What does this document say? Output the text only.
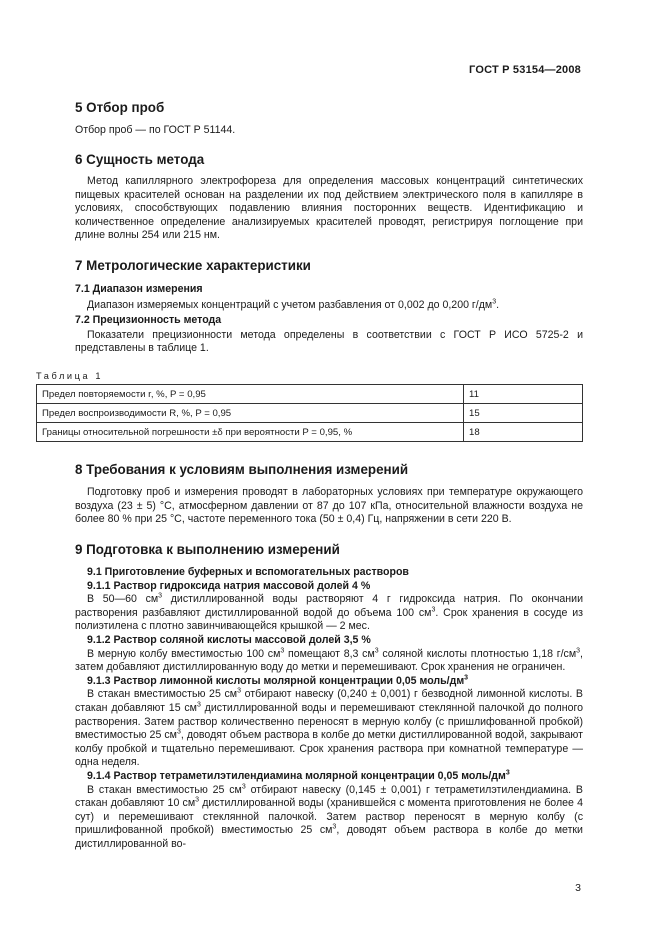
ГОСТ Р 53154—2008
5 Отбор проб

Отбор проб — по ГОСТ Р 51144.

6 Сущность метода

Метод капиллярного электрофореза для определения массовых концентраций синтетических пищевых красителей основан на разделении их под действием электрического поля в капилляре в условиях, способствующих подавлению влияния посторонних веществ. Идентификацию и количественное определение анализируемых красителей проводят, регистрируя поглощение при длине волны 254 или 215 нм.

7 Метрологические характеристики

7.1 Диапазон измерения

Диапазон измеряемых концентраций с учетом разбавления от 0,002 до 0,200 $г/дм^3$.

7.2 Прецизионность метода

Показатели прецизионности метода определены в соответствии с ГОСТ Р ИСО 5725-2 и представлены в таблице 1.

Таблица 1
Предел повторяемости r, %, P = 0,95	11
Предел воспроизводимости R, %, P = 0,95	15
Границы относительной погрешности ±δ при вероятности P = 0,95, %	18
8 Требования к условиям выполнения измерений

Подготовку проб и измерения проводят в лабораторных условиях при температуре окружающего воздуха (23 ± 5) °С, атмосферном давлении от 87 до 107 кПа, относительной влажности воздуха не более 80 % при 25 °С, частоте переменного тока (50 ± 0,4) Гц, напряжении в сети 220 В.

9 Подготовка к выполнению измерений

9.1 Приготовление буферных и вспомогательных растворов

9.1.1 Раствор гидроксида натрия массовой долей 4 %

В 50—60 $см^3$ дистиллированной воды растворяют 4 г гидроксида натрия. По окончании растворения разбавляют дистиллированной водой до объема 100 $см^3$. Срок хранения в сосуде из полиэтилена с плотно завинчивающейся крышкой — 2 мес.

9.1.2 Раствор соляной кислоты массовой долей 3,5 %

В мерную колбу вместимостью 100 $см^3$ помещают 8,3 $см^3$ соляной кислоты плотностью 1,18 $г/см^3$, затем добавляют дистиллированную воду до метки и перемешивают. Срок хранения не ограничен.

9.1.3 Раствор лимонной кислоты молярной концентрации 0,05 моль/$дм^3$

В стакан вместимостью 25 $см^3$ отбирают навеску (0,240 ± 0,001) г безводной лимонной кислоты. В стакан добавляют 15 $см^3$ дистиллированной воды и перемешивают стеклянной палочкой до полного растворения. Затем раствор количественно переносят в мерную колбу (с пришлифованной пробкой) вместимостью 25 $см^3$, доводят объем раствора в колбе до метки дистиллированной водой, закрывают колбу пробкой и тщательно перемешивают. Срок хранения раствора при комнатной температуре — одна неделя.

9.1.4 Раствор тетраметилэтилендиамина молярной концентрации 0,05 моль/$дм^3$

В стакан вместимостью 25 $см^3$ отбирают навеску (0,145 ± 0,001) г тетраметилэтилендиамина. В стакан добавляют 10 $см^3$ дистиллированной воды (хранившейся с момента приготовления не более 4 сут) и перемешивают стеклянной палочкой. Затем раствор переносят в мерную колбу (с пришлифованной пробкой) вместимостью 25 $см^3$, доводят объем раствора в колбе до метки дистиллированной во-

3
